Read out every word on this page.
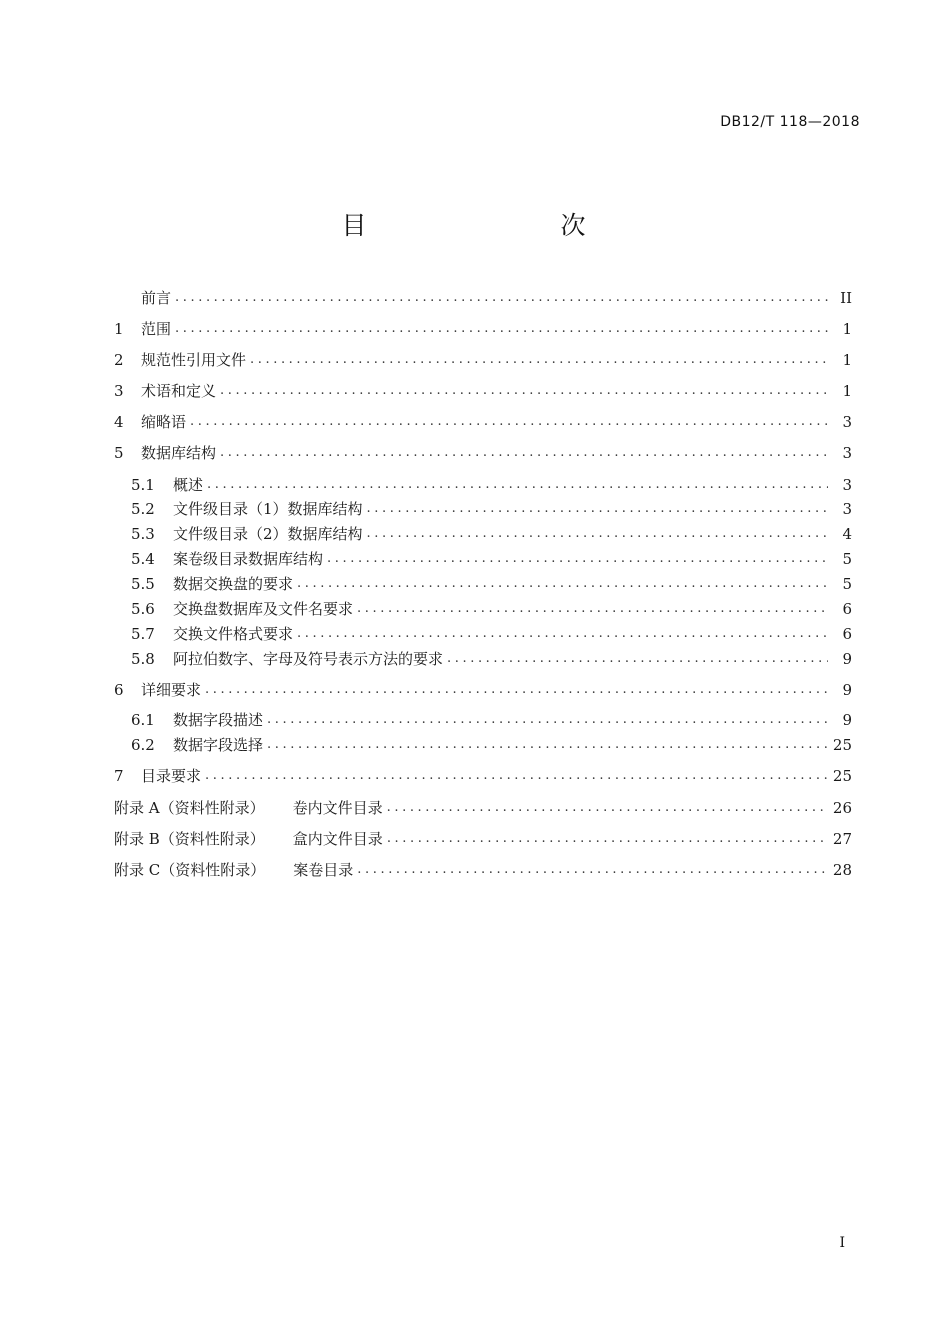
DB12/T 118—2018
目　　次
前言 .....	II
1	范围 .....	1
2	规范性引用文件 .....	1
3	术语和定义 .....	1
4	缩略语 .....	3
5	数据库结构 .....	3
5.1	概述 .....	3
5.2	文件级目录（1）数据库结构 .....	3
5.3	文件级目录（2）数据库结构 .....	4
5.4	案卷级目录数据库结构 .....	5
5.5	数据交换盘的要求 .....	5
5.6	交换盘数据库及文件名要求 .....	6
5.7	交换文件格式要求 .....	6
5.8	阿拉伯数字、字母及符号表示方法的要求 .....	9
6	详细要求 .....	9
6.1	数据字段描述 .....	9
6.2	数据字段选择 .....	25
7	目录要求 .....	25
附录 A（资料性附录）	卷内文件目录 .....	26
附录 B（资料性附录）	盒内文件目录 .....	27
附录 C（资料性附录）	案卷目录 .....	28
I
